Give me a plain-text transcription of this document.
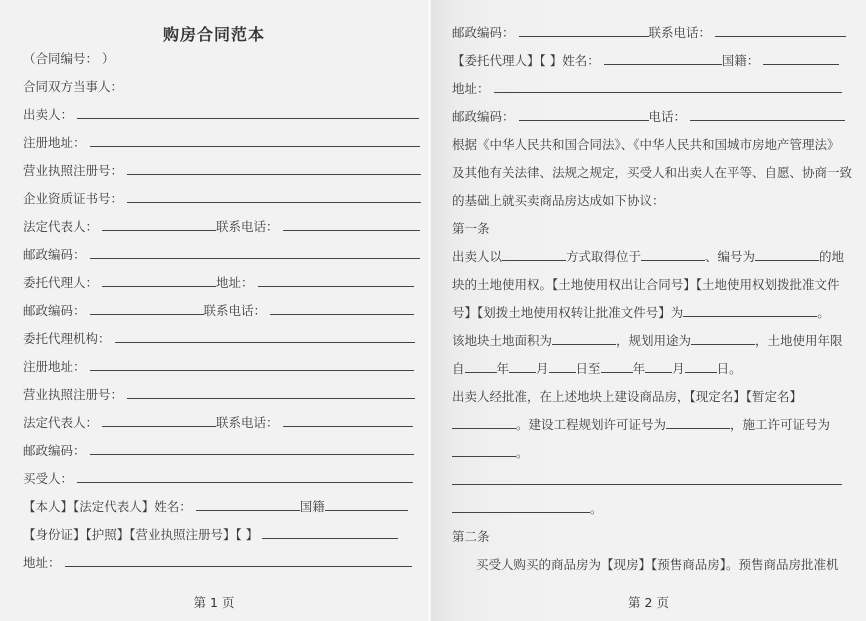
购房合同范本
（合同编号： ）
合同双方当事人：
出卖人：
注册地址：
营业执照注册号：
企业资质证书号：
法定代表人：	联系电话：
邮政编码：
委托代理人：	地址：
邮政编码：	联系电话：
委托代理机构：
注册地址：
营业执照注册号：
法定代表人：	联系电话：
邮政编码：
买受人：
【本人】【法定代表人】姓名：	国籍
【身份证】【护照】【营业执照注册号】【 】
地址：
第 1 页
邮政编码：	联系电话：
【委托代理人】【 】姓名：	国籍：
地址：
邮政编码：	电话：
根据《中华人民共和国合同法》、《中华人民共和国城市房地产管理法》
及其他有关法律、法规之规定，买受人和出卖人在平等、自愿、协商一致
的基础上就买卖商品房达成如下协议：
第一条
出卖人以	方式取得位于	、编号为	的地
块的土地使用权。【土地使用权出让合同号】【土地使用权划拨批准文件
号】【划拨土地使用权转让批准文件号】为	。
该地块土地面积为	，规划用途为	，土地使用年限
自	年 月 日至	年 月	日。
出卖人经批准，在上述地块上建设商品房，【现定名】【暂定名】
。建设工程规划许可证号为	，施工许可证号为
。
。
第二条
买受人购买的商品房为【现房】【预售商品房】。预售商品房批准机
第 2 页
